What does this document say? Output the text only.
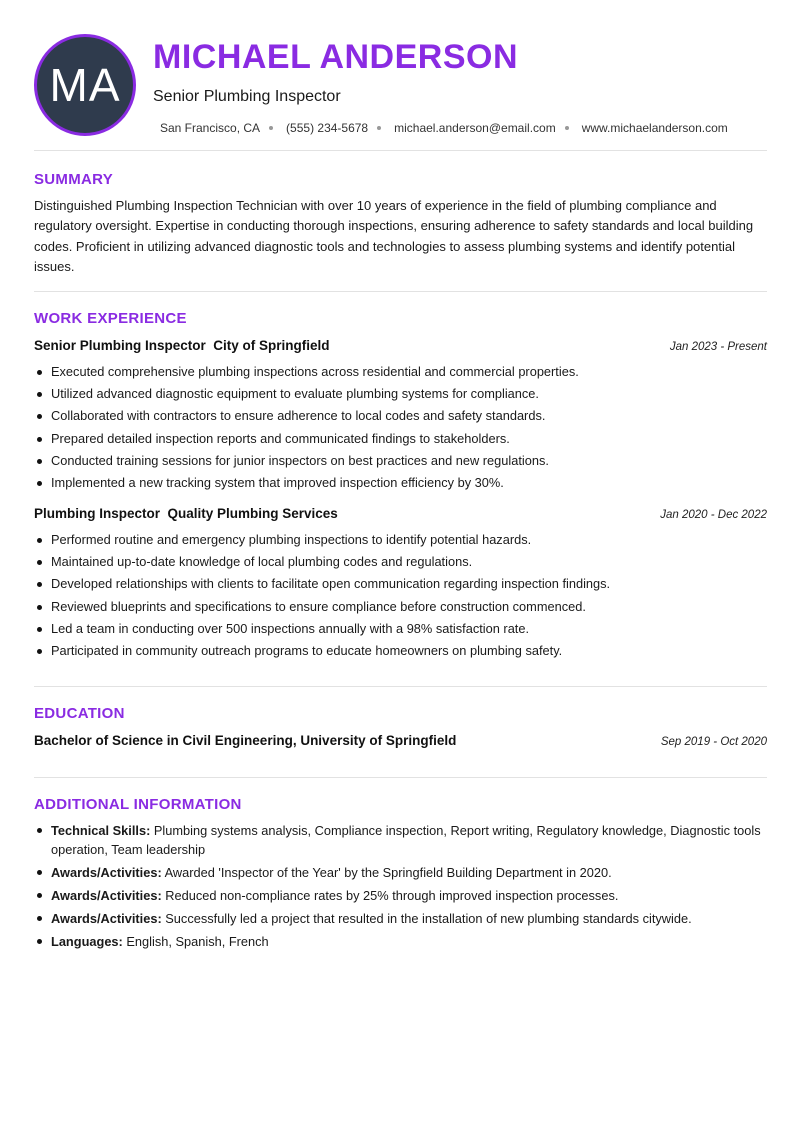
MA
MICHAEL ANDERSON
Senior Plumbing Inspector
San Francisco, CA (555) 234-5678 michael.anderson@email.com www.michaelanderson.com
SUMMARY

Distinguished Plumbing Inspection Technician with over 10 years of experience in the field of plumbing compliance and regulatory oversight. Expertise in conducting thorough inspections, ensuring adherence to safety standards and local building codes. Proficient in utilizing advanced diagnostic tools and technologies to assess plumbing systems and identify potential issues.

WORK EXPERIENCE
Senior Plumbing Inspector  City of Springfield	Jan 2023 - Present
Executed comprehensive plumbing inspections across residential and commercial properties.
Utilized advanced diagnostic equipment to evaluate plumbing systems for compliance.
Collaborated with contractors to ensure adherence to local codes and safety standards.
Prepared detailed inspection reports and communicated findings to stakeholders.
Conducted training sessions for junior inspectors on best practices and new regulations.
Implemented a new tracking system that improved inspection efficiency by 30%.
Plumbing Inspector  Quality Plumbing Services	Jan 2020 - Dec 2022
Performed routine and emergency plumbing inspections to identify potential hazards.
Maintained up-to-date knowledge of local plumbing codes and regulations.
Developed relationships with clients to facilitate open communication regarding inspection findings.
Reviewed blueprints and specifications to ensure compliance before construction commenced.
Led a team in conducting over 500 inspections annually with a 98% satisfaction rate.
Participated in community outreach programs to educate homeowners on plumbing safety.
EDUCATION
Bachelor of Science in Civil Engineering, University of Springfield	Sep 2019 - Oct 2020
ADDITIONAL INFORMATION
Technical Skills: Plumbing systems analysis, Compliance inspection, Report writing, Regulatory knowledge, Diagnostic tools operation, Team leadership
Awards/Activities: Awarded 'Inspector of the Year' by the Springfield Building Department in 2020.
Awards/Activities: Reduced non-compliance rates by 25% through improved inspection processes.
Awards/Activities: Successfully led a project that resulted in the installation of new plumbing standards citywide.
Languages: English, Spanish, French
